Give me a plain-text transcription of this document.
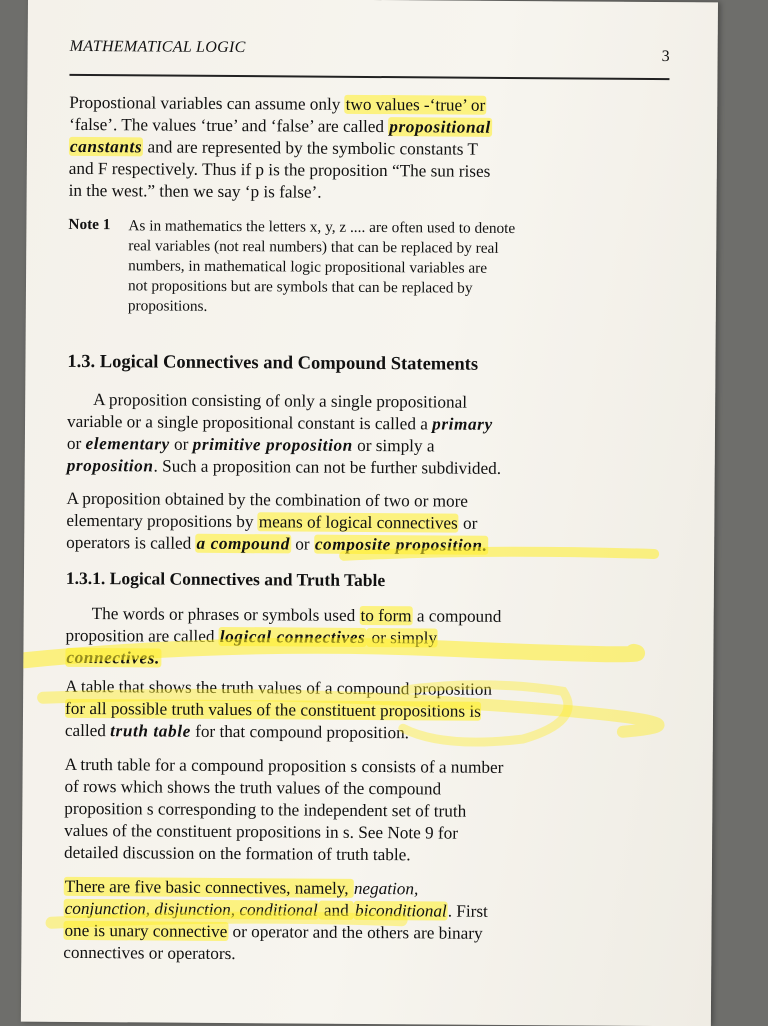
MATHEMATICAL LOGIC
3

Propostional variables can assume only two values -‘true’ or
‘false’. The values ‘true’ and ‘false’ are called propositional
canstants and are represented by the symbolic constants T
and F respectively. Thus if p is the proposition “The sun rises
in the west.” then we say ‘p is false’.

Note 1 As in mathematics the letters x, y, z .... are often used to denote
real variables (not real numbers) that can be replaced by real
numbers, in mathematical logic propositional variables are
not propositions but are symbols that can be replaced by
propositions.
1.3. Logical Connectives and Compound Statements

A proposition consisting of only a single propositional
variable or a single propositional constant is called a primary
or elementary or primitive proposition or simply a
proposition. Such a proposition can not be further subdivided.

A proposition obtained by the combination of two or more
elementary propositions by means of logical connectives or
operators is called a compound or composite proposition.

1.3.1. Logical Connectives and Truth Table

The words or phrases or symbols used to form a compound
proposition are called logical connectives or simply
connectives.

A table that shows the truth values of a compound proposition
for all possible truth values of the constituent propositions is
called truth table for that compound proposition.

A truth table for a compound proposition s consists of a number
of rows which shows the truth values of the compound
proposition s corresponding to the independent set of truth
values of the constituent propositions in s. See Note 9 for
detailed discussion on the formation of truth table.

There are five basic connectives, namely, negation,
conjunction, disjunction, conditional and biconditional. First
one is unary connective or operator and the others are binary
connectives or operators.
